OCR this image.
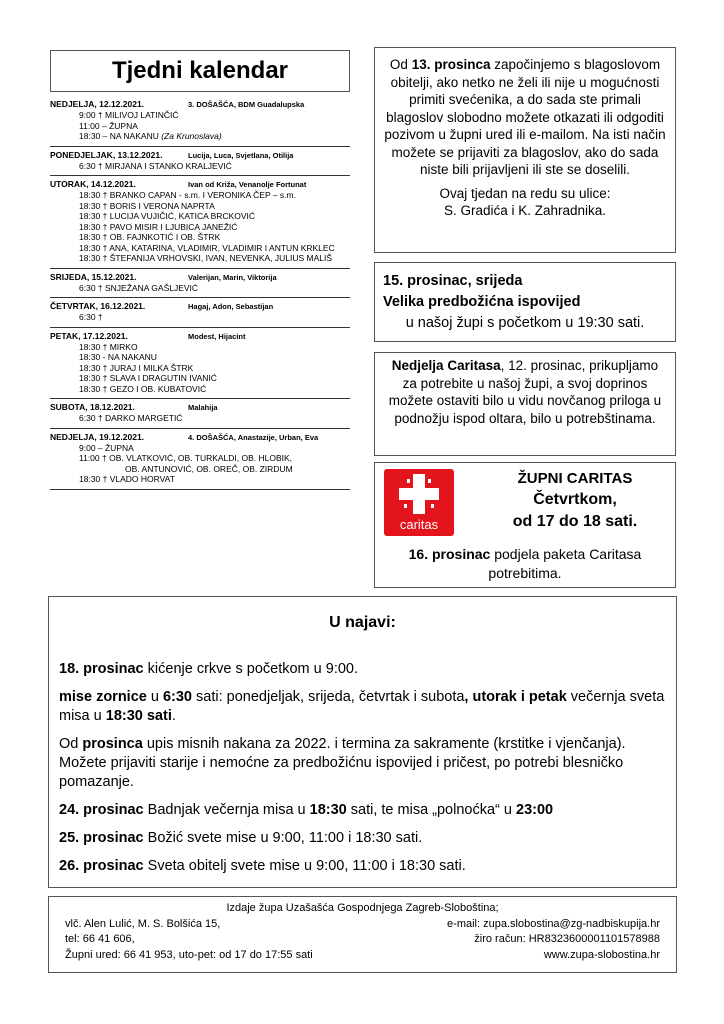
Tjedni kalendar
NEDJELJA, 12.12.2021.	3. DOŠAŠĆA, BDM Guadalupska
9:00 † MILIVOJ LATINČIĆ
11:00 – ŽUPNA
18:30 – NA NAKANU (Za Krunoslava)
PONEDJELJAK, 13.12.2021.	Lucija, Luca, Svjetlana, Otilija
6:30 † MIRJANA I STANKO KRALJEVIĆ
UTORAK, 14.12.2021.	Ivan od Križa, Venanolje Fortunat
18:30 † BRANKO CAPAN - s.m. I VERONIKA ČEP – s.m.
18:30 † BORIS I VERONA NAPRTA
18:30 † LUCIJA VUJIČIĆ, KATICA BRCKOVIĆ
18:30 † PAVO MISIR I LJUBICA JANEŽIĆ
18:30 † OB. FAJNKOTIĆ I OB. ŠTRK
18:30 † ANA, KATARINA, VLADIMIR, VLADIMIR I ANTUN KRKLEC
18:30 † ŠTEFANIJA VRHOVSKI, IVAN, NEVENKA, JULIUS MALIŠ
SRIJEDA, 15.12.2021.	Valerijan, Marin, Viktorija
6:30 † SNJEŽANA GAŠLJEVIĆ
ČETVRTAK, 16.12.2021.	Hagaj, Adon, Sebastijan
6:30 †
PETAK, 17.12.2021.	Modest, Hijacint
18:30 † MIRKO
18:30 - NA NAKANU
18:30 † JURAJ I MILKA ŠTRK
18:30 † SLAVA I DRAGUTIN IVANIĆ
18:30 † GEZO I OB. KUBATOVIĆ
SUBOTA, 18.12.2021.	Malahija
6:30 † DARKO MARGETIĆ
NEDJELJA, 19.12.2021.	4. DOŠAŠĆA, Anastazije, Urban, Eva
9:00 – ŽUPNA
11:00 † OB. VLATKOVIĆ, OB. TURKALDI, OB. HLOBIK,
OB. ANTUNOVIĆ, OB. OREČ, OB. ZIRDUM
18:30 † VLADO HORVAT
Od 13. prosinca započinjemo s blagoslovom obitelji, ako netko ne želi ili nije u mogućnosti primiti svećenika, a do sada ste primali blagoslov slobodno možete otkazati ili odgoditi pozivom u župni ured ili e-mailom. Na isti način možete se prijaviti za blagoslov, ako do sada niste bili prijavljeni ili ste se doselili.
Ovaj tjedan na redu su ulice:
S. Gradića i K. Zahradnika.
15. prosinac, srijeda
Velika predbožićna ispovijed
u našoj župi s početkom u 19:30 sati.
Nedjelja Caritasa, 12. prosinac, prikupljamo za potrebite u našoj župi, a svoj doprinos možete ostaviti bilo u vidu novčanog priloga u podnožju ispod oltara, bilo u potrebštinama.
caritas
ŽUPNI CARITAS
Četvrtkom,
od 17 do 18 sati.
16. prosinac podjela paketa Caritasa potrebitima.
U najavi:

18. prosinac kićenje crkve s početkom u 9:00.

mise zornice u 6:30 sati: ponedjeljak, srijeda, četvrtak i subota, utorak i petak večernja sveta misa u 18:30 sati.

Od prosinca upis misnih nakana za 2022. i termina za sakramente (krstitke i vjenčanja). Možete prijaviti starije i nemoćne za predbožićnu ispovijed i pričest, po potrebi blesničko pomazanje.

24. prosinac Badnjak večernja misa u 18:30 sati, te misa „polnoćka“ u 23:00

25. prosinac Božić svete mise u 9:00, 11:00 i 18:30 sati.

26. prosinac Sveta obitelj svete mise u 9:00, 11:00 i 18:30 sati.

Izdaje župa Uzašašća Gospodnjega Zagreb-Sloboština;
vlč. Alen Lulić, M. S. Bolšića 15,	e-mail: zupa.slobostina@zg-nadbiskupija.hr
tel: 66 41 606,	žiro račun: HR8323600001101578988
Župni ured: 66 41 953, uto-pet: od 17 do 17:55 sati	www.zupa-slobostina.hr
